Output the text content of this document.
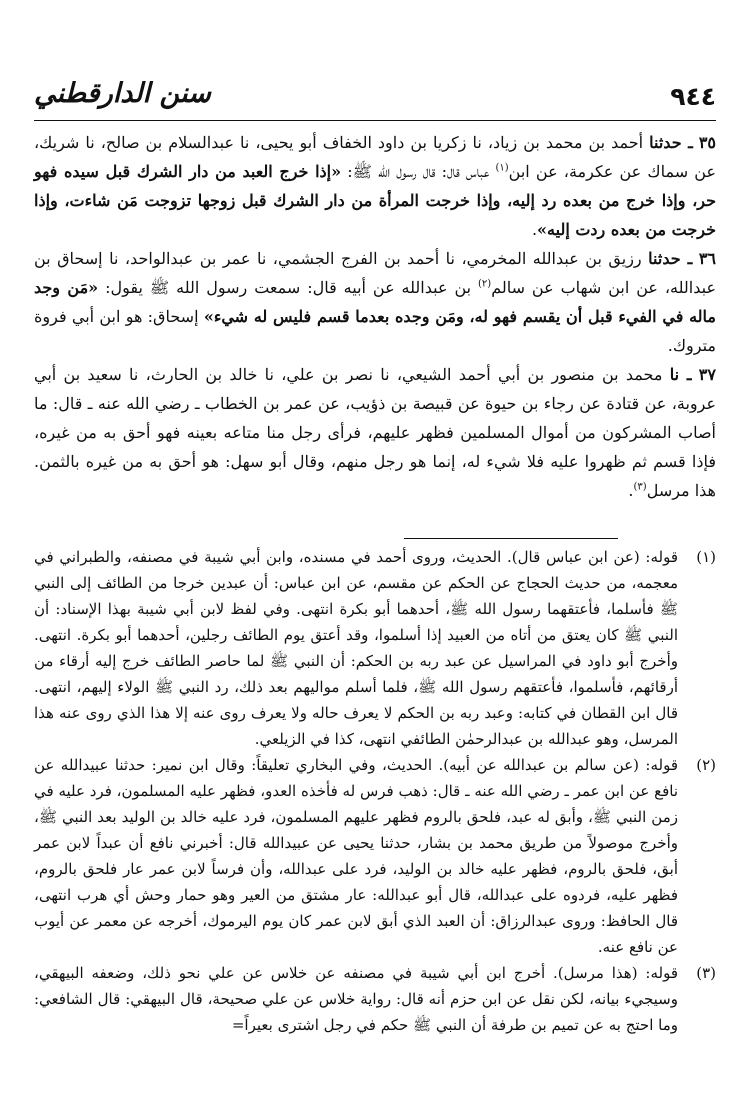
٩٤٤
سنن الدارقطني

٣٥ ـ حدثنا أحمد بن محمد بن زياد، نا زكريا بن داود الخفاف أبو يحيى، نا عبدالسلام بن صالح، نا شريك، عن سماك عن عكرمة، عن ابن$^{(١)}$ عباس قال: قال رسول الله ﷺ: «إذا خرج العبد من دار الشرك قبل سيده فهو حر، وإذا خرج من بعده رد إليه، وإذا خرجت المرأة من دار الشرك قبل زوجها تزوجت مَن شاءت، وإذا خرجت من بعده ردت إليه».

٣٦ ـ حدثنا رزيق بن عبدالله المخرمي، نا أحمد بن الفرج الجشمي، نا عمر بن عبدالواحد، نا إسحاق بن عبدالله، عن ابن شهاب عن سالم$^{(٢)}$ بن عبدالله عن أبيه قال: سمعت رسول الله ﷺ يقول: «مَن وجد ماله في الفيء قبل أن يقسم فهو له، ومَن وجده بعدما قسم فليس له شيء» إسحاق: هو ابن أبي فروة متروك.

٣٧ ـ نا محمد بن منصور بن أبي أحمد الشيعي، نا نصر بن علي، نا خالد بن الحارث، نا سعيد بن أبي عروبة، عن قتادة عن رجاء بن حيوة عن قبيصة بن ذؤيب، عن عمر بن الخطاب ـ رضي الله عنه ـ قال: ما أصاب المشركون من أموال المسلمين فظهر عليهم، فرأى رجل منا متاعه بعينه فهو أحق به من غيره، فإذا قسم ثم ظهروا عليه فلا شيء له، إنما هو رجل منهم، وقال أبو سهل: هو أحق به من غيره بالثمن. هذا مرسل$^{(٣)}$.

(١)
قوله: (عن ابن عباس قال). الحديث، وروى أحمد في مسنده، وابن أبي شيبة في مصنفه، والطبراني في معجمه، من حديث الحجاج عن الحكم عن مقسم، عن ابن عباس: أن عبدين خرجا من الطائف إلى النبي ﷺ فأسلما، فأعتقهما رسول الله ﷺ، أحدهما أبو بكرة انتهى. وفي لفظ لابن أبي شيبة بهذا الإسناد: أن النبي ﷺ كان يعتق من أتاه من العبيد إذا أسلموا، وقد أعتق يوم الطائف رجلين، أحدهما أبو بكرة. انتهى. وأخرج أبو داود في المراسيل عن عبد ربه بن الحكم: أن النبي ﷺ لما حاصر الطائف خرج إليه أرقاء من أرقائهم، فأسلموا، فأعتقهم رسول الله ﷺ، فلما أسلم مواليهم بعد ذلك، رد النبي ﷺ الولاء إليهم، انتهى. قال ابن القطان في كتابه: وعبد ربه بن الحكم لا يعرف حاله ولا يعرف روى عنه إلا هذا الذي روى عنه هذا المرسل، وهو عبدالله بن عبدالرحمٰن الطائفي انتهى، كذا في الزيلعي.

(٢)
قوله: (عن سالم بن عبدالله عن أبيه). الحديث، وفي البخاري تعليقاً: وقال ابن نمير: حدثنا عبيدالله عن نافع عن ابن عمر ـ رضي الله عنه ـ قال: ذهب فرس له فأخذه العدو، فظهر عليه المسلمون، فرد عليه في زمن النبي ﷺ، وأبق له عبد، فلحق بالروم فظهر عليهم المسلمون، فرد عليه خالد بن الوليد بعد النبي ﷺ، وأخرج موصولاً من طريق محمد بن بشار، حدثنا يحيى عن عبيدالله قال: أخبرني نافع أن عبداً لابن عمر أبق، فلحق بالروم، فظهر عليه خالد بن الوليد، فرد على عبدالله، وأن فرساً لابن عمر عار فلحق بالروم، فظهر عليه، فردوه على عبدالله، قال أبو عبدالله: عار مشتق من العير وهو حمار وحش أي هرب انتهى، قال الحافظ: وروى عبدالرزاق: أن العبد الذي أبق لابن عمر كان يوم اليرموك، أخرجه عن معمر عن أيوب عن نافع عنه.

(٣)
قوله: (هذا مرسل). أخرج ابن أبي شيبة في مصنفه عن خلاس عن علي نحو ذلك، وضعفه البيهقي، وسيجيء بيانه، لكن نقل عن ابن حزم أنه قال: رواية خلاس عن علي صحيحة، قال البيهقي: قال الشافعي: وما احتج به عن تميم بن طرفة أن النبي ﷺ حكم في رجل اشترى بعيراً=
